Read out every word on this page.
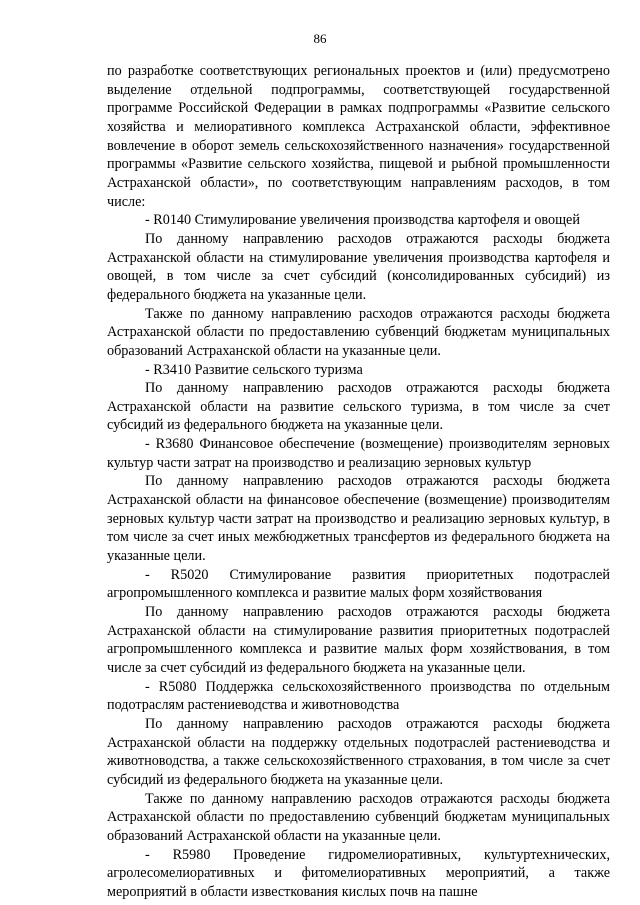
86

по разработке соответствующих региональных проектов и (или) предусмотрено выделение отдельной подпрограммы, соответствующей государственной программе Российской Федерации в рамках подпрограммы «Развитие сельского хозяйства и мелиоративного комплекса Астраханской области, эффективное вовлечение в оборот земель сельскохозяйственного назначения» государственной программы «Развитие сельского хозяйства, пищевой и рыбной промышленности Астраханской области», по соответствующим направлениям расходов, в том числе:

- R0140 Стимулирование увеличения производства картофеля и овощей

По данному направлению расходов отражаются расходы бюджета Астраханской области на стимулирование увеличения производства картофеля и овощей, в том числе за счет субсидий (консолидированных субсидий) из федерального бюджета на указанные цели.

Также по данному направлению расходов отражаются расходы бюджета Астраханской области по предоставлению субвенций бюджетам муниципальных образований Астраханской области на указанные цели.

- R3410 Развитие сельского туризма

По данному направлению расходов отражаются расходы бюджета Астраханской области на развитие сельского туризма, в том числе за счет субсидий из федерального бюджета на указанные цели.

- R3680 Финансовое обеспечение (возмещение) производителям зерновых культур части затрат на производство и реализацию зерновых культур

По данному направлению расходов отражаются расходы бюджета Астраханской области на финансовое обеспечение (возмещение) производителям зерновых культур части затрат на производство и реализацию зерновых культур, в том числе за счет иных межбюджетных трансфертов из федерального бюджета на указанные цели.

- R5020 Стимулирование развития приоритетных подотраслей агропромышленного комплекса и развитие малых форм хозяйствования

По данному направлению расходов отражаются расходы бюджета Астраханской области на стимулирование развития приоритетных подотраслей агропромышленного комплекса и развитие малых форм хозяйствования, в том числе за счет субсидий из федерального бюджета на указанные цели.

- R5080 Поддержка сельскохозяйственного производства по отдельным подотраслям растениеводства и животноводства

По данному направлению расходов отражаются расходы бюджета Астраханской области на поддержку отдельных подотраслей растениеводства и животноводства, а также сельскохозяйственного страхования, в том числе за счет субсидий из федерального бюджета на указанные цели.

Также по данному направлению расходов отражаются расходы бюджета Астраханской области по предоставлению субвенций бюджетам муниципальных образований Астраханской области на указанные цели.

- R5980 Проведение гидромелиоративных, культуртехнических, агролесомелиоративных и фитомелиоративных мероприятий, а также мероприятий в области известкования кислых почв на пашне
